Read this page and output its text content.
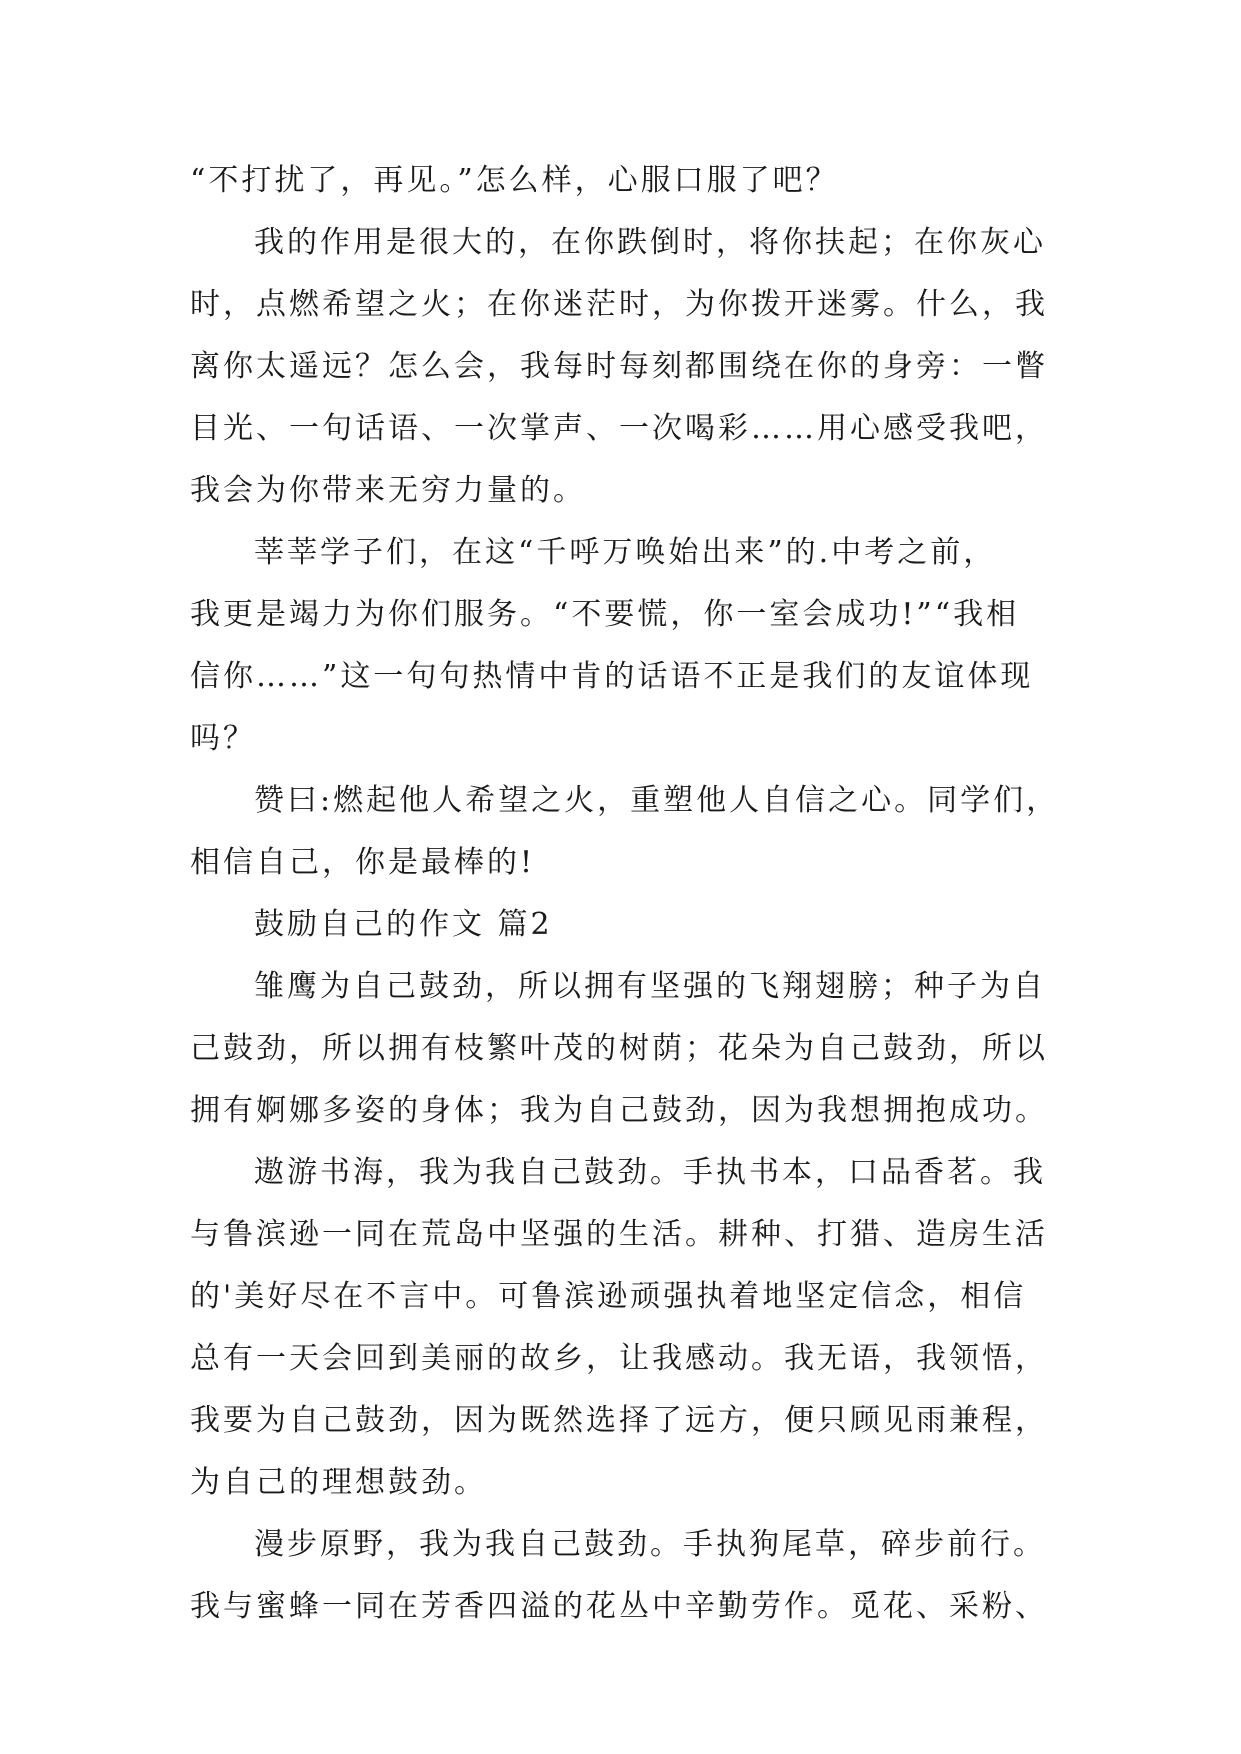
“不打扰了，再见。”怎么样，心服口服了吧？
我的作用是很大的，在你跌倒时，将你扶起；在你灰心
时，点燃希望之火；在你迷茫时，为你拨开迷雾。什么，我
离你太遥远？怎么会，我每时每刻都围绕在你的身旁：一瞥
目光、一句话语、一次掌声、一次喝彩……用心感受我吧，
我会为你带来无穷力量的。
莘莘学子们，在这“千呼万唤始出来”的.中考之前，
我更是竭力为你们服务。“不要慌，你一室会成功!”“我相
信你……”这一句句热情中肯的话语不正是我们的友谊体现
吗？
赞曰:燃起他人希望之火，重塑他人自信之心。同学们，
相信自己，你是最棒的!
鼓励自己的作文 篇2
雏鹰为自己鼓劲，所以拥有坚强的飞翔翅膀；种子为自
己鼓劲，所以拥有枝繁叶茂的树荫；花朵为自己鼓劲，所以
拥有婀娜多姿的身体；我为自己鼓劲，因为我想拥抱成功。
遨游书海，我为我自己鼓劲。手执书本，口品香茗。我
与鲁滨逊一同在荒岛中坚强的生活。耕种、打猎、造房生活
的'美好尽在不言中。可鲁滨逊顽强执着地坚定信念，相信
总有一天会回到美丽的故乡，让我感动。我无语，我领悟，
我要为自己鼓劲，因为既然选择了远方，便只顾见雨兼程，
为自己的理想鼓劲。
漫步原野，我为我自己鼓劲。手执狗尾草，碎步前行。
我与蜜蜂一同在芳香四溢的花丛中辛勤劳作。觅花、采粉、
